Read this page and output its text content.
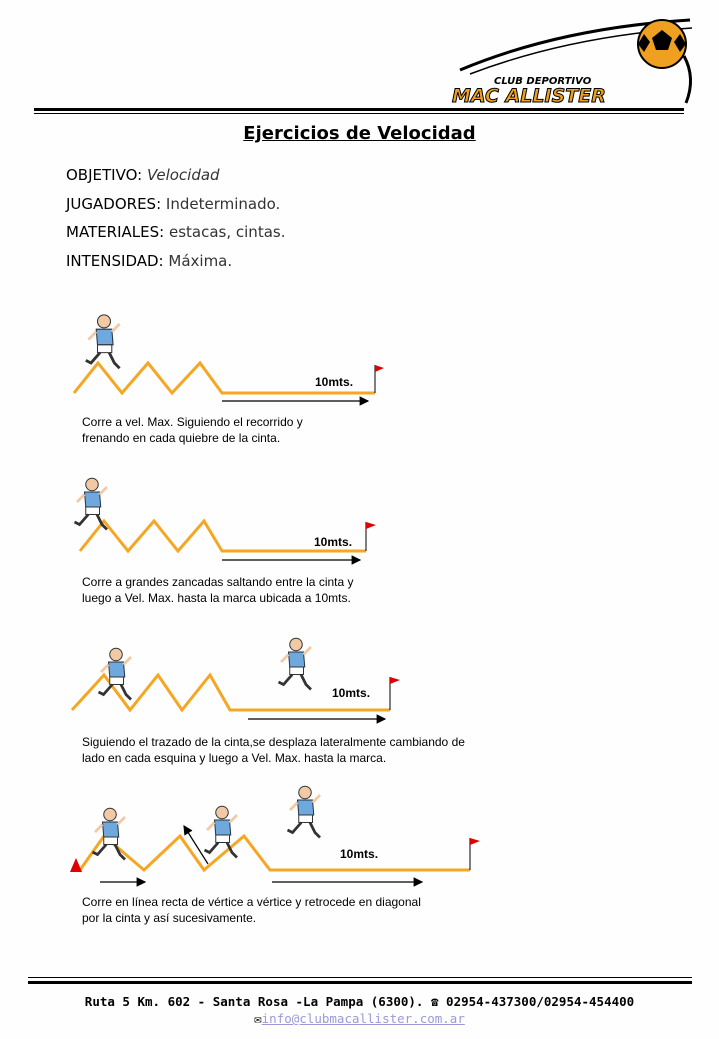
CLUB DEPORTIVO
MAC ALLISTER
Ejercicios de Velocidad
OBJETIVO: Velocidad
JUGADORES: Indeterminado.
MATERIALES: estacas, cintas.
INTENSIDAD: Máxima.
10mts.
10mts.
10mts.
10mts.
Corre a vel. Max. Siguiendo el recorrido y
frenando en cada quiebre de la cinta.
Corre a grandes zancadas saltando entre la cinta y
luego a Vel. Max. hasta la marca ubicada a 10mts.
Siguiendo el trazado de la cinta,se desplaza lateralmente cambiando de
lado en cada esquina y luego a Vel. Max. hasta la marca.
Corre en línea recta de vértice a vértice y retrocede en diagonal
por la cinta y así sucesivamente.
Ruta 5 Km. 602 - Santa Rosa -La Pampa (6300). ☎ 02954-437300/02954-454400
✉info@clubmacallister.com.ar
